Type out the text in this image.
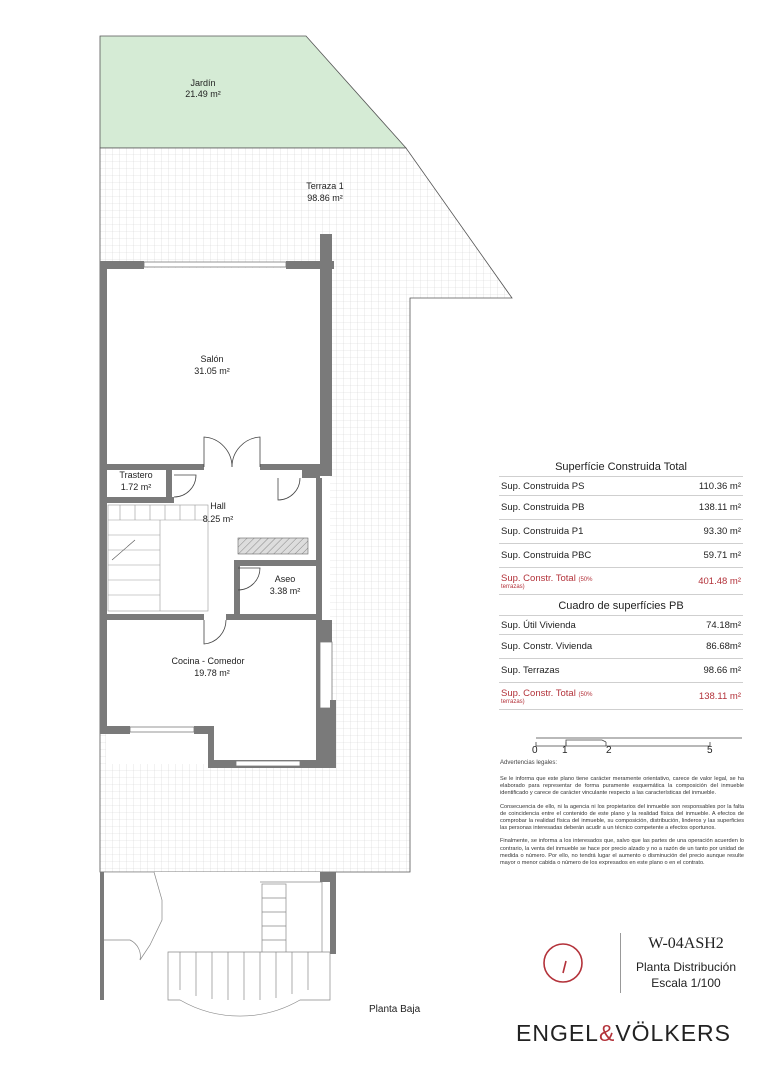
Jardín
21.49 m²
Terraza 1
98.86 m²
Salón
31.05 m²
Trastero
1.72 m²
Hall
8.25 m²
Aseo
3.38 m²
Cocina - Comedor
19.78 m²
Planta Baja
Superfície Construida Total
Sup. Construida PS	110.36 m²
Sup. Construida PB	138.11 m²
Sup. Construida P1	93.30 m²
Sup. Construida PBC	59.71 m²
Sup. Constr. Total (50%
terrazas)	401.48 m²
Cuadro de superfícies PB
Sup. Útil Vivienda	74.18m²
Sup. Constr. Vivienda	86.68m²
Sup. Terrazas	98.66 m²
Sup. Constr. Total (50%
terrazas)	138.11 m²
0 1	2	5
Advertencias legales:

Se le informa que este plano tiene carácter meramente orientativo, carece de valor legal, se ha elaborado para representar de forma puramente esquemática la composición del inmueble identificado y carece de carácter vinculante respecto a las características del inmueble.

Consecuencia de ello, ni la agencia ni los propietarios del inmueble son responsables por la falta de coincidencia entre el contenido de este plano y la realidad física del inmueble. A efectos de comprobar la realidad física del inmueble, su composición, distribución, linderos y las superficies las personas interesadas deberán acudir a un técnico competente a efectos oportunos.

Finalmente, se informa a los interesados que, salvo que las partes de una operación acuerden lo contrario, la venta del inmueble se hace por precio alzado y no a razón de un tanto por unidad de medida o número. Por ello, no tendrá lugar el aumento o disminución del precio aunque resulte mayor o menor cabida o número de los expresados en este plano o en el contrato.

W-04ASH2
Planta Distribución
Escala 1/100
ENGEL&VÖLKERS
